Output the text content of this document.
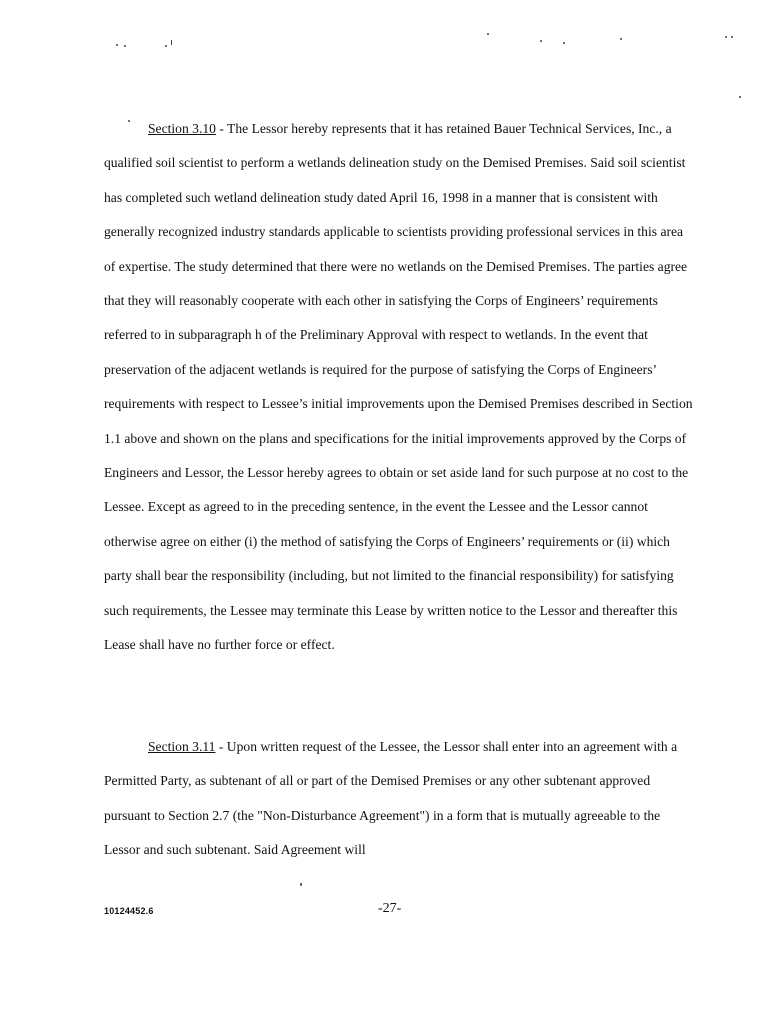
Section 3.10 - The Lessor hereby represents that it has retained Bauer Technical Services, Inc., a qualified soil scientist to perform a wetlands delineation study on the Demised Premises. Said soil scientist has completed such wetland delineation study dated April 16, 1998 in a manner that is consistent with generally recognized industry standards applicable to scientists providing professional services in this area of expertise. The study determined that there were no wetlands on the Demised Premises. The parties agree that they will reasonably cooperate with each other in satisfying the Corps of Engineers’ requirements referred to in subparagraph h of the Preliminary Approval with respect to wetlands. In the event that preservation of the adjacent wetlands is required for the purpose of satisfying the Corps of Engineers’ requirements with respect to Lessee’s initial improvements upon the Demised Premises described in Section 1.1 above and shown on the plans and specifications for the initial improvements approved by the Corps of Engineers and Lessor, the Lessor hereby agrees to obtain or set aside land for such purpose at no cost to the Lessee. Except as agreed to in the preceding sentence, in the event the Lessee and the Lessor cannot otherwise agree on either (i) the method of satisfying the Corps of Engineers’ requirements or (ii) which party shall bear the responsibility (including, but not limited to the financial responsibility) for satisfying such requirements, the Lessee may terminate this Lease by written notice to the Lessor and thereafter this Lease shall have no further force or effect.

Section 3.11 - Upon written request of the Lessee, the Lessor shall enter into an agreement with a Permitted Party, as subtenant of all or part of the Demised Premises or any other subtenant approved pursuant to Section 2.7 (the "Non-Disturbance Agreement") in a form that is mutually agreeable to the Lessor and such subtenant. Said Agreement will

10124452.6	-27-
